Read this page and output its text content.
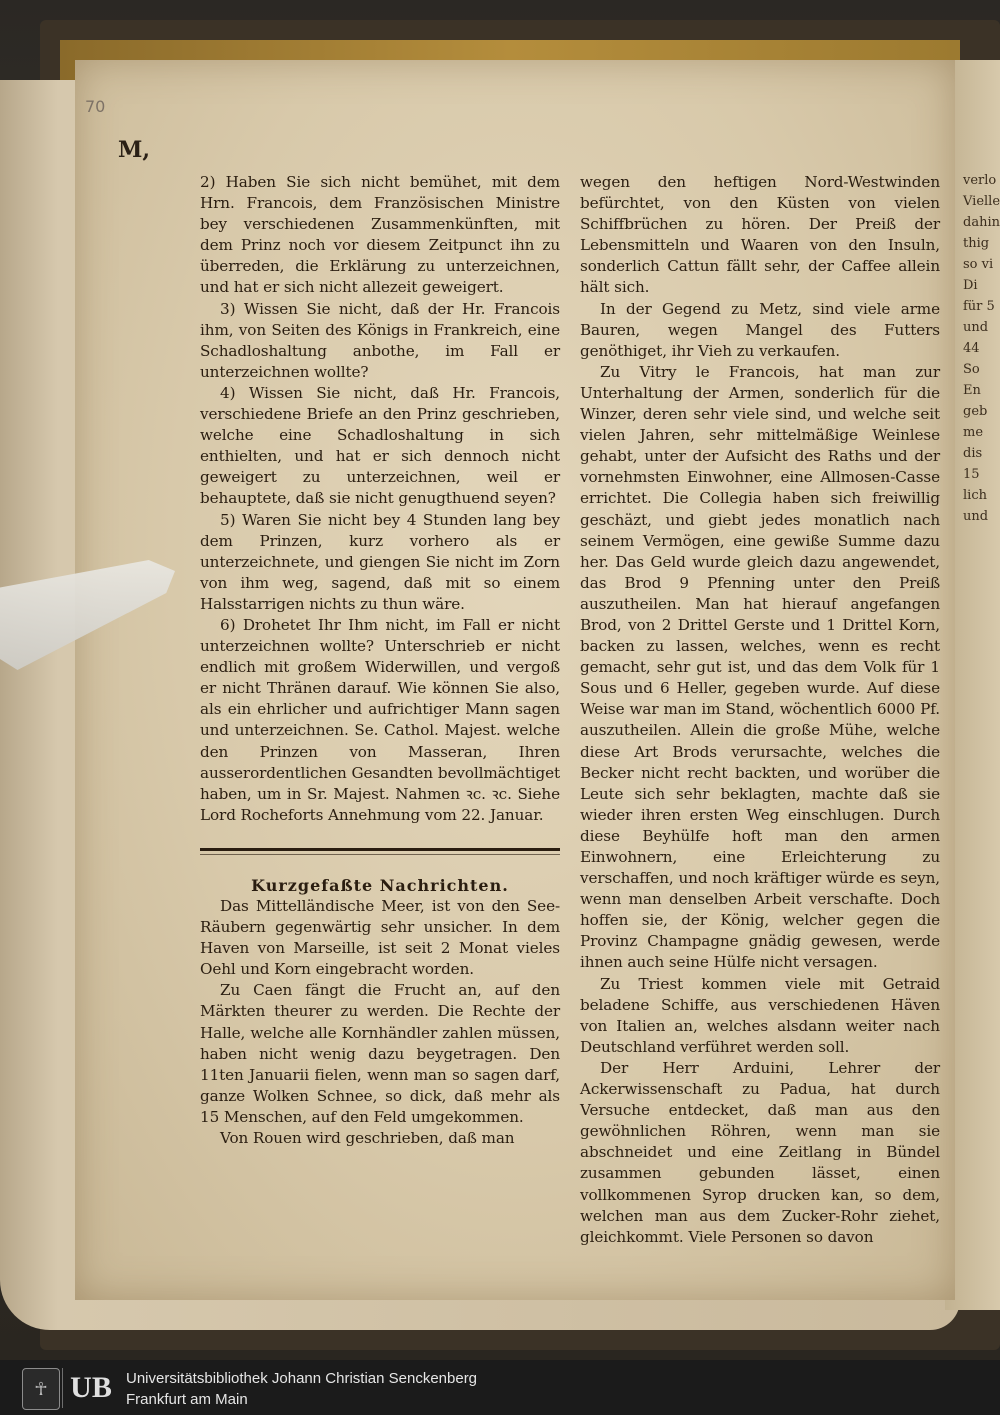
verlo
Vielle
dahin
thig
so vi
Di
für 5
und
44
So
En
geb
me
dis
15
lich
und
70
M,

2) Haben Sie sich nicht bemühet, mit dem Hrn. Francois, dem Französischen Ministre bey verschiedenen Zusammenkünften, mit dem Prinz noch vor diesem Zeitpunct ihn zu überreden, die Erklärung zu unterzeichnen, und hat er sich nicht allezeit geweigert.

3) Wissen Sie nicht, daß der Hr. Francois ihm, von Seiten des Königs in Frankreich, eine Schadloshaltung anbothe, im Fall er unterzeichnen wollte?

4) Wissen Sie nicht, daß Hr. Francois, verschiedene Briefe an den Prinz geschrieben, welche eine Schadloshaltung in sich enthielten, und hat er sich dennoch nicht geweigert zu unterzeichnen, weil er behauptete, daß sie nicht genugthuend seyen?

5) Waren Sie nicht bey 4 Stunden lang bey dem Prinzen, kurz vorhero als er unterzeichnete, und giengen Sie nicht im Zorn von ihm weg, sagend, daß mit so einem Halsstarrigen nichts zu thun wäre.

6) Drohetet Ihr Ihm nicht, im Fall er nicht unterzeichnen wollte? Unterschrieb er nicht endlich mit großem Widerwillen, und vergoß er nicht Thränen darauf. Wie können Sie also, als ein ehrlicher und aufrichtiger Mann sagen und unterzeichnen. Se. Cathol. Majest. welche den Prinzen von Masseran, Ihren ausserordentlichen Gesandten bevollmächtiget haben, um in Sr. Majest. Nahmen ꝛc. ꝛc. Siehe Lord Rocheforts Annehmung vom 22. Januar.

Kurzgefaßte Nachrichten.

Das Mittelländische Meer, ist von den See-Räubern gegenwärtig sehr unsicher. In dem Haven von Marseille, ist seit 2 Monat vieles Oehl und Korn eingebracht worden.

Zu Caen fängt die Frucht an, auf den Märkten theurer zu werden. Die Rechte der Halle, welche alle Kornhändler zahlen müssen, haben nicht wenig dazu beygetragen. Den 11ten Januarii fielen, wenn man so sagen darf, ganze Wolken Schnee, so dick, daß mehr als 15 Menschen, auf den Feld umgekommen.

Von Rouen wird geschrieben, daß man

wegen den heftigen Nord-Westwinden befürchtet, von den Küsten von vielen Schiffbrüchen zu hören. Der Preiß der Lebensmitteln und Waaren von den Insuln, sonderlich Cattun fällt sehr, der Caffee allein hält sich.

In der Gegend zu Metz, sind viele arme Bauren, wegen Mangel des Futters genöthiget, ihr Vieh zu verkaufen.

Zu Vitry le Francois, hat man zur Unterhaltung der Armen, sonderlich für die Winzer, deren sehr viele sind, und welche seit vielen Jahren, sehr mittelmäßige Weinlese gehabt, unter der Aufsicht des Raths und der vornehmsten Einwohner, eine Allmosen-Casse errichtet. Die Collegia haben sich freiwillig geschäzt, und giebt jedes monatlich nach seinem Vermögen, eine gewiße Summe dazu her. Das Geld wurde gleich dazu angewendet, das Brod 9 Pfenning unter den Preiß auszutheilen. Man hat hierauf angefangen Brod, von 2 Drittel Gerste und 1 Drittel Korn, backen zu lassen, welches, wenn es recht gemacht, sehr gut ist, und das dem Volk für 1 Sous und 6 Heller, gegeben wurde. Auf diese Weise war man im Stand, wöchentlich 6000 Pf. auszutheilen. Allein die große Mühe, welche diese Art Brods verursachte, welches die Becker nicht recht backten, und worüber die Leute sich sehr beklagten, machte daß sie wieder ihren ersten Weg einschlugen. Durch diese Beyhülfe hoft man den armen Einwohnern, eine Erleichterung zu verschaffen, und noch kräftiger würde es seyn, wenn man denselben Arbeit verschafte. Doch hoffen sie, der König, welcher gegen die Provinz Champagne gnädig gewesen, werde ihnen auch seine Hülfe nicht versagen.

Zu Triest kommen viele mit Getraid beladene Schiffe, aus verschiedenen Häven von Italien an, welches alsdann weiter nach Deutschland verführet werden soll.

Der Herr Arduini, Lehrer der Ackerwissenschaft zu Padua, hat durch Versuche entdecket, daß man aus den gewöhnlichen Röhren, wenn man sie abschneidet und eine Zeitlang in Bündel zusammen gebunden lässet, einen vollkommenen Syrop drucken kan, so dem, welchen man aus dem Zucker-Rohr ziehet, gleichkommt. Viele Personen so davon

☥ UB Universitätsbibliothek Johann Christian Senckenberg
Frankfurt am Main
